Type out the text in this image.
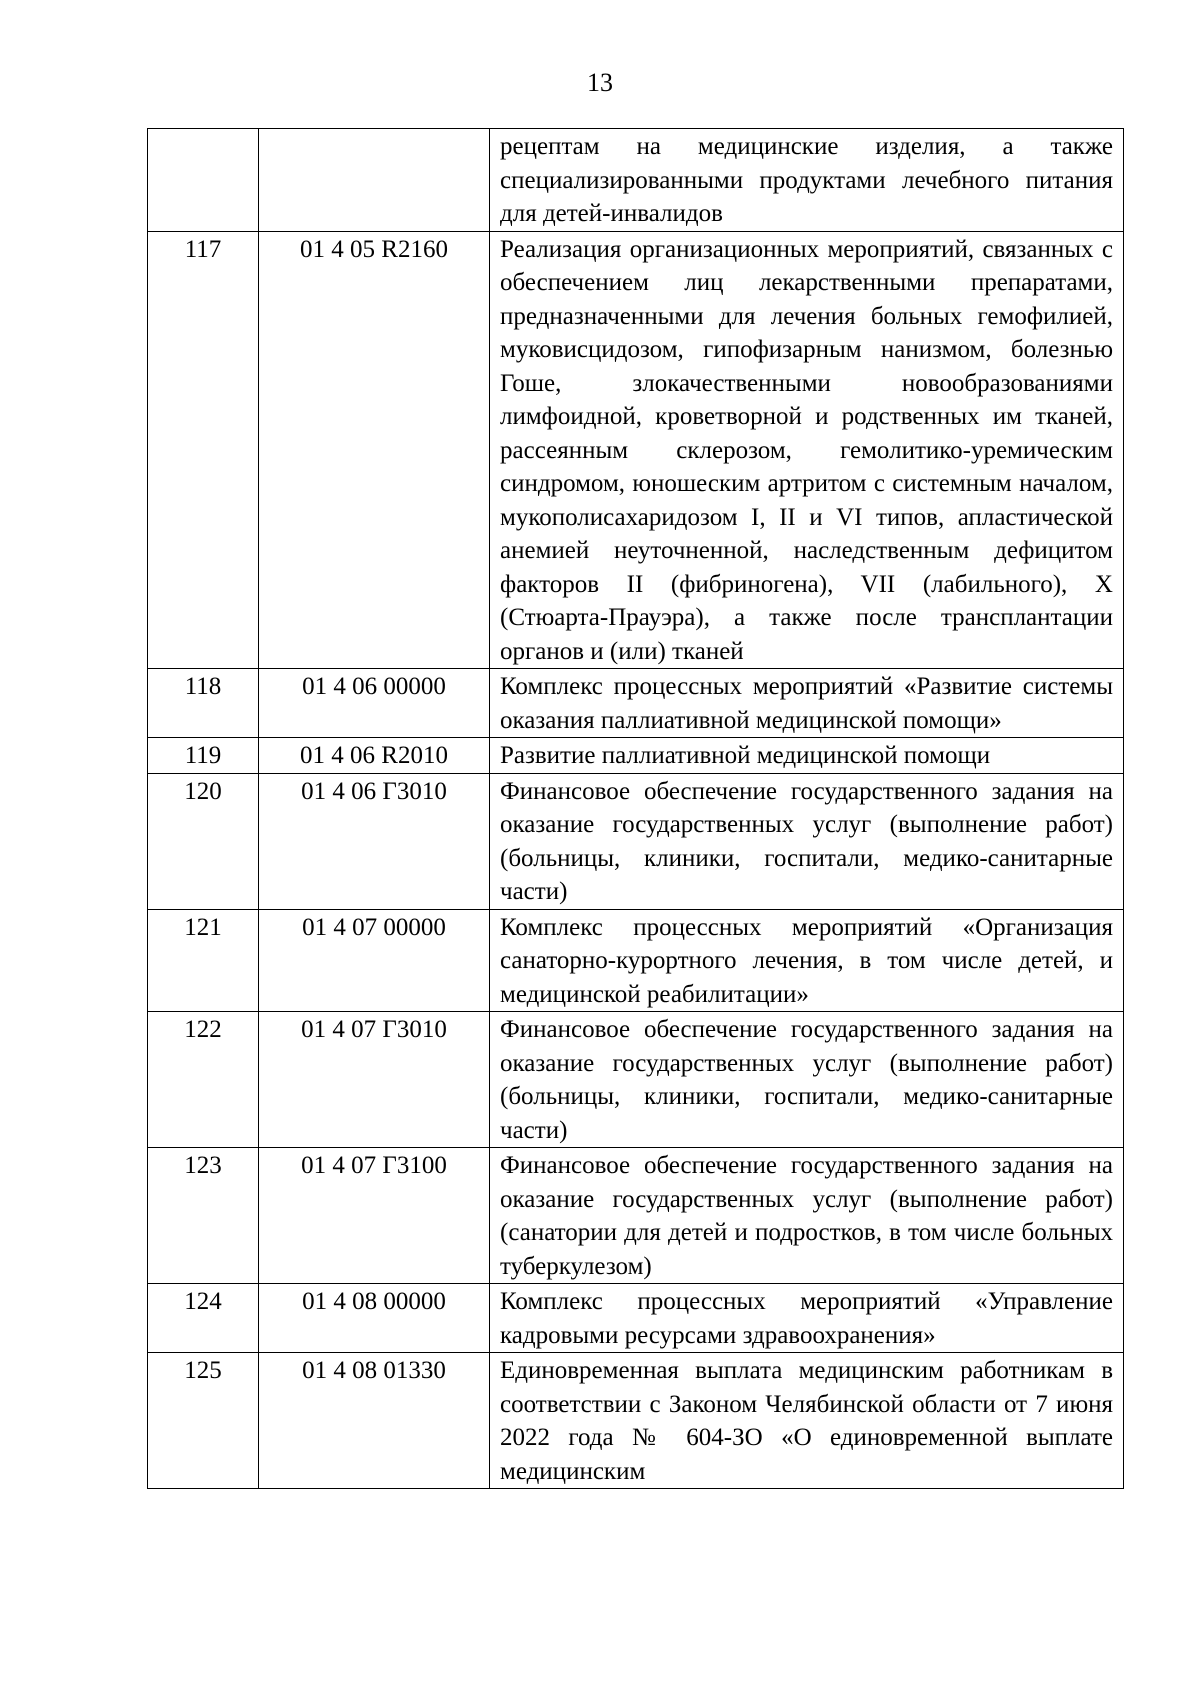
13
		рецептам на медицинские изделия, а также специализированными продуктами лечебного питания для детей-инвалидов
117	01 4 05 R2160	Реализация организационных мероприятий, связанных с обеспечением лиц лекарственными препаратами, предназначенными для лечения больных гемофилией, муковисцидозом, гипофизарным нанизмом, болезнью Гоше, злокачественными новообразованиями лимфоидной, кроветворной и родственных им тканей, рассеянным склерозом, гемолитико-уремическим синдромом, юношеским артритом с системным началом, мукополисахаридозом I, II и VI типов, апластической анемией неуточненной, наследственным дефицитом факторов II (фибриногена), VII (лабильного), X (Стюарта-Прауэра), а также после трансплантации органов и (или) тканей
118	01 4 06 00000	Комплекс процессных мероприятий «Развитие системы оказания паллиативной медицинской помощи»
119	01 4 06 R2010	Развитие паллиативной медицинской помощи
120	01 4 06 Г3010	Финансовое обеспечение государственного задания на оказание государственных услуг (выполнение работ) (больницы, клиники, госпитали, медико-санитарные части)
121	01 4 07 00000	Комплекс процессных мероприятий «Организация санаторно-курортного лечения, в том числе детей, и медицинской реабилитации»
122	01 4 07 Г3010	Финансовое обеспечение государственного задания на оказание государственных услуг (выполнение работ) (больницы, клиники, госпитали, медико-санитарные части)
123	01 4 07 Г3100	Финансовое обеспечение государственного задания на оказание государственных услуг (выполнение работ) (санатории для детей и подростков, в том числе больных туберкулезом)
124	01 4 08 00000	Комплекс процессных мероприятий «Управление кадровыми ресурсами здравоохранения»
125	01 4 08 01330	Единовременная выплата медицинским работникам в соответствии с Законом Челябинской области от 7 июня 2022 года № 604-ЗО «О единовременной выплате медицинским
